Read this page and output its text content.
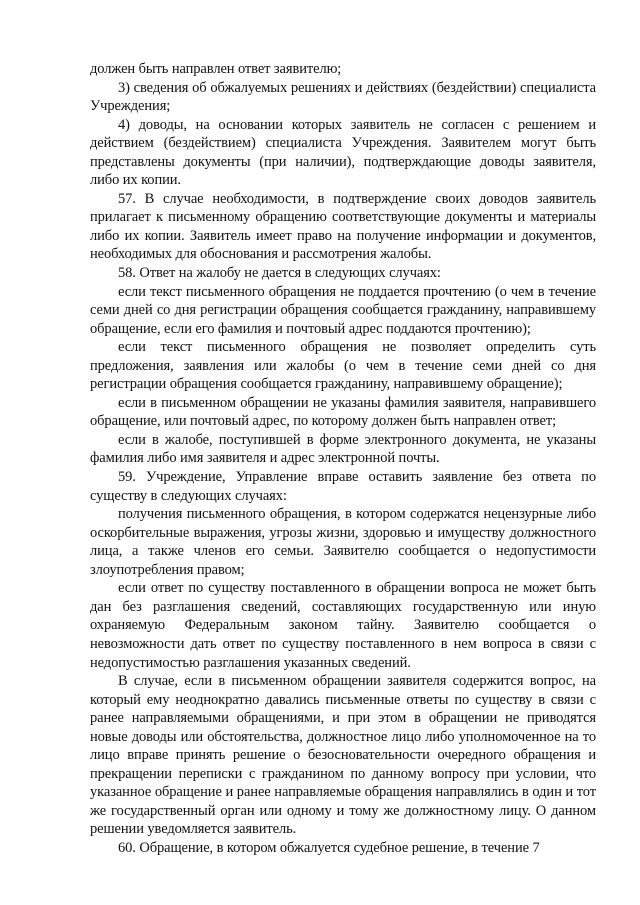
должен быть направлен ответ заявителю;

3) сведения об обжалуемых решениях и действиях (бездействии) специалиста Учреждения;

4) доводы, на основании которых заявитель не согласен с решением и действием (бездействием) специалиста Учреждения. Заявителем могут быть представлены документы (при наличии), подтверждающие доводы заявителя, либо их копии.

57. В случае необходимости, в подтверждение своих доводов заявитель прилагает к письменному обращению соответствующие документы и материалы либо их копии. Заявитель имеет право на получение информации и документов, необходимых для обоснования и рассмотрения жалобы.

58. Ответ на жалобу не дается в следующих случаях:

если текст письменного обращения не поддается прочтению (о чем в течение семи дней со дня регистрации обращения сообщается гражданину, направившему обращение, если его фамилия и почтовый адрес поддаются прочтению);

если текст письменного обращения не позволяет определить суть предложения, заявления или жалобы (о чем в течение семи дней со дня регистрации обращения сообщается гражданину, направившему обращение);

если в письменном обращении не указаны фамилия заявителя, направившего обращение, или почтовый адрес, по которому должен быть направлен ответ;

если в жалобе, поступившей в форме электронного документа, не указаны фамилия либо имя заявителя и адрес электронной почты.

59. Учреждение, Управление вправе оставить заявление без ответа по существу в следующих случаях:

получения письменного обращения, в котором содержатся нецензурные либо оскорбительные выражения, угрозы жизни, здоровью и имуществу должностного лица, а также членов его семьи. Заявителю сообщается о недопустимости злоупотребления правом;

если ответ по существу поставленного в обращении вопроса не может быть дан без разглашения сведений, составляющих государственную или иную охраняемую Федеральным законом тайну. Заявителю сообщается о невозможности дать ответ по существу поставленного в нем вопроса в связи с недопустимостью разглашения указанных сведений.

В случае, если в письменном обращении заявителя содержится вопрос, на который ему неоднократно давались письменные ответы по существу в связи с ранее направляемыми обращениями, и при этом в обращении не приводятся новые доводы или обстоятельства, должностное лицо либо уполномоченное на то лицо вправе принять решение о безосновательности очередного обращения и прекращении переписки с гражданином по данному вопросу при условии, что указанное обращение и ранее направляемые обращения направлялись в один и тот же государственный орган или одному и тому же должностному лицу. О данном решении уведомляется заявитель.

60. Обращение, в котором обжалуется судебное решение, в течение 7
